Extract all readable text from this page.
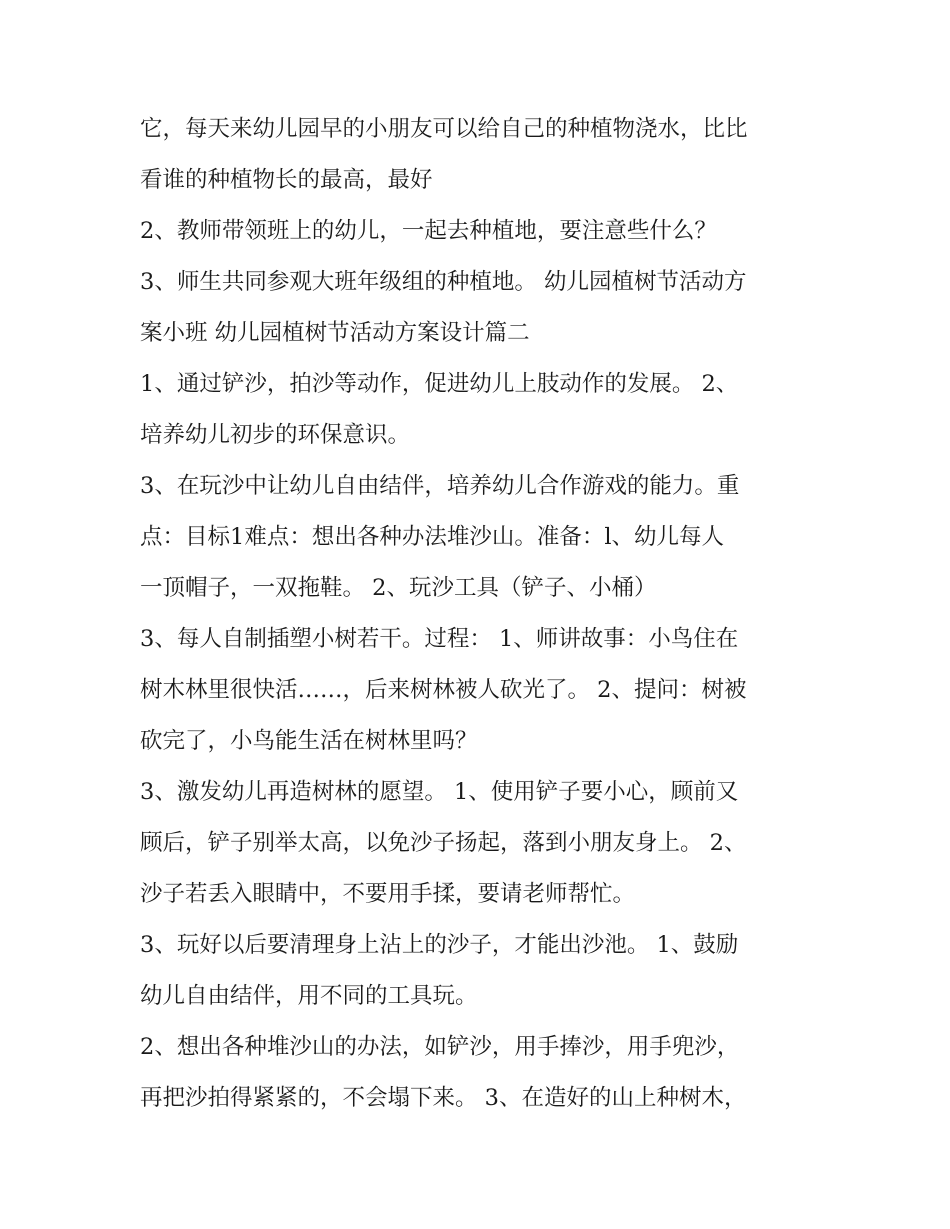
它，每天来幼儿园早的小朋友可以给自己的种植物浇水，比比
看谁的种植物长的最高，最好
2、教师带领班上的幼儿，一起去种植地，要注意些什么？
3、师生共同参观大班年级组的种植地。 幼儿园植树节活动方
案小班 幼儿园植树节活动方案设计篇二
1、通过铲沙，拍沙等动作，促进幼儿上肢动作的发展。 2、
培养幼儿初步的环保意识。
3、在玩沙中让幼儿自由结伴，培养幼儿合作游戏的能力。重
点：目标1难点：想出各种办法堆沙山。准备：l、幼儿每人
一顶帽子，一双拖鞋。 2、玩沙工具（铲子、小桶）
3、每人自制插塑小树若干。过程： 1、师讲故事：小鸟住在
树木林里很快活……，后来树林被人砍光了。 2、提问：树被
砍完了，小鸟能生活在树林里吗？
3、激发幼儿再造树林的愿望。 1、使用铲子要小心，顾前又
顾后，铲子别举太高，以免沙子扬起，落到小朋友身上。 2、
沙子若丢入眼睛中，不要用手揉，要请老师帮忙。
3、玩好以后要清理身上沾上的沙子，才能出沙池。 1、鼓励
幼儿自由结伴，用不同的工具玩。
2、想出各种堆沙山的办法，如铲沙，用手捧沙，用手兜沙，
再把沙拍得紧紧的，不会塌下来。 3、在造好的山上种树木，
